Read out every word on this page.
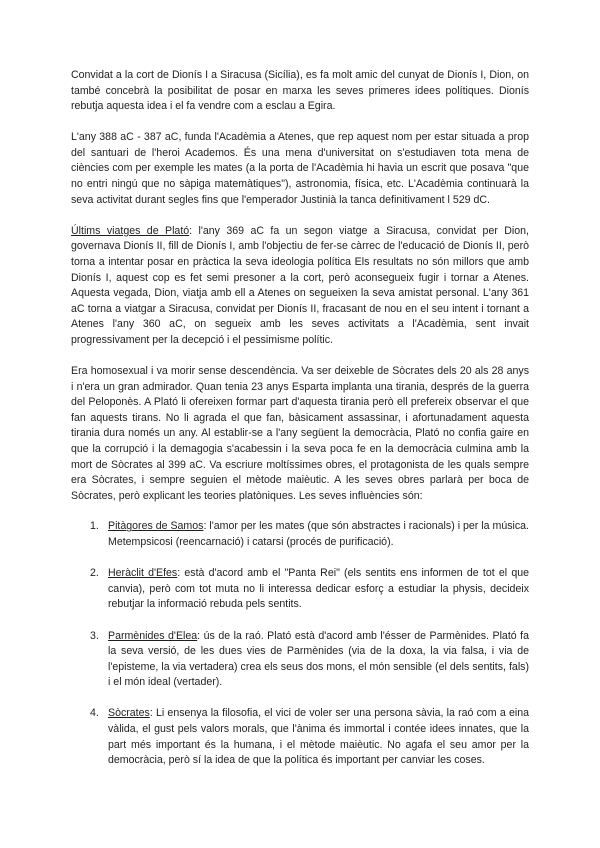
Convidat a la cort de Dionís I a Siracusa (Sicília), es fa molt amic del cunyat de Dionís I, Dion, on també concebrà la posibilitat de posar en marxa les seves primeres idees polítiques. Dionís rebutja aquesta idea i el fa vendre com a esclau a Egira.

L'any 388 aC - 387 aC, funda l'Acadèmia a Atenes, que rep aquest nom per estar situada a prop del santuari de l'heroi Academos. És una mena d'universitat on s'estudiaven tota mena de ciències com per exemple les mates (a la porta de l'Acadèmia hi havia un escrit que posava "que no entri ningú que no sàpiga matemàtiques"), astronomia, física, etc. L'Acadèmia continuarà la seva activitat durant segles fins que l'emperador Justinià la tanca definitivament l 529 dC.

Últims viatges de Plató: l'any 369 aC fa un segon viatge a Siracusa, convidat per Dion, governava Dionís II, fill de Dionís I, amb l'objectiu de fer-se càrrec de l'educació de Dionís II, però torna a intentar posar en pràctica la seva ideologia política Els resultats no són millors que amb Dionís I, aquest cop es fet semi presoner a la cort, però aconsegueix fugir i tornar a Atenes. Aquesta vegada, Dion, viatja amb ell a Atenes on segueixen la seva amistat personal. L'any 361 aC torna a viatgar a Siracusa, convidat per Dionís II, fracasant de nou en el seu intent i tornant a Atenes l'any 360 aC, on segueix amb les seves activitats a l'Acadèmia, sent invait progressivament per la decepció i el pessimisme polític.

Era homosexual i va morir sense descendència. Va ser deixeble de Sòcrates dels 20 als 28 anys i n'era un gran admirador. Quan tenia 23 anys Esparta implanta una tirania, després de la guerra del Peloponès. A Plató li ofereixen formar part d'aquesta tirania però ell prefereix observar el que fan aquests tirans. No li agrada el que fan, bàsicament assassinar, i afortunadament aquesta tirania dura només un any. Al establir-se a l'any següent la democràcia, Plató no confia gaire en que la corrupció i la demagogia s'acabessin i la seva poca fe en la democràcia culmina amb la mort de Sòcrates al 399 aC. Va escriure moltíssimes obres, el protagonista de les quals sempre era Sòcrates, i sempre seguien el mètode maièutic. A les seves obres parlarà per boca de Sòcrates, però explicant les teories platòniques. Les seves influències són:

1. Pitàgores de Samos: l'amor per les mates (que són abstractes i racionals) i per la música. Metempsicosi (reencarnació) i catarsi (procés de purificació).
2. Heràclit d'Efes: està d'acord amb el "Panta Rei" (els sentits ens informen de tot el que canvia), però com tot muta no li interessa dedicar esforç a estudiar la physis, decideix rebutjar la informació rebuda pels sentits.
3. Parmènides d'Elea: ús de la raó. Plató està d'acord amb l'ésser de Parmènides. Plató fa la seva versió, de les dues vies de Parmènides (via de la doxa, la via falsa, i via de l'episteme, la via vertadera) crea els seus dos mons, el món sensible (el dels sentits, fals) i el món ideal (vertader).
4. Sòcrates: Li ensenya la filosofia, el vici de voler ser una persona sàvia, la raó com a eina vàlida, el gust pels valors morals, que l'ànima és immortal i contée idees innates, que la part més important és la humana, i el mètode maièutic. No agafa el seu amor per la democràcia, però sí la idea de que la política és important per canviar les coses.
